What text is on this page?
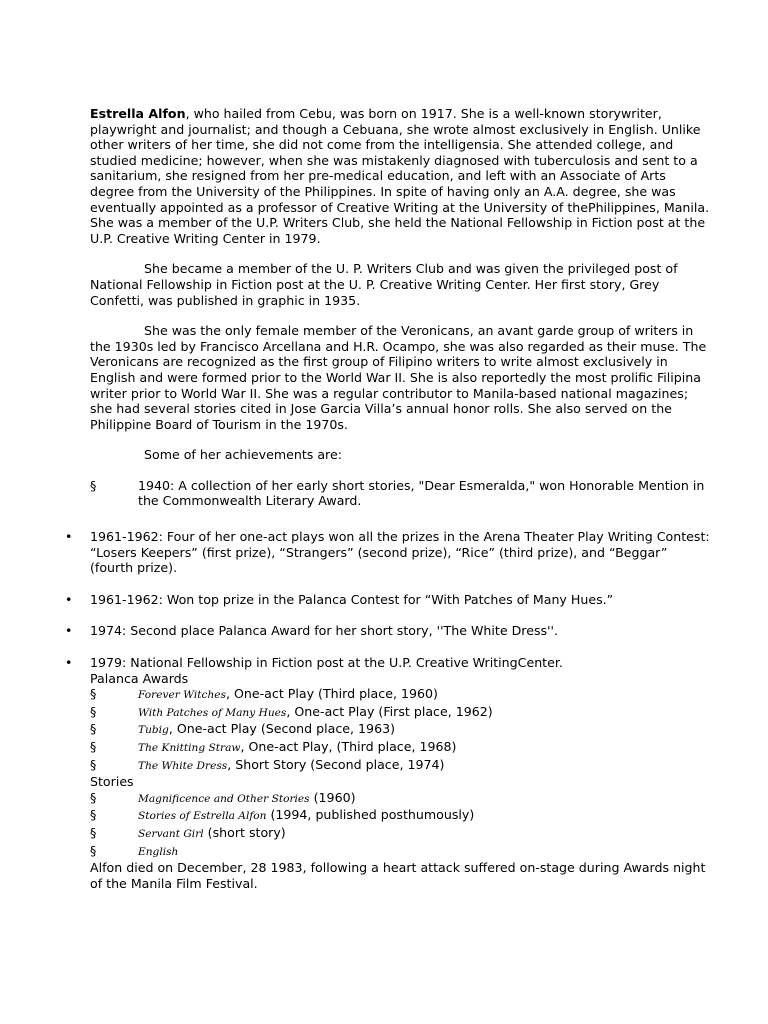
Estrella Alfon, who hailed from Cebu, was born on 1917. She is a well-known storywriter, playwright and journalist; and though a Cebuana, she wrote almost exclusively in English. Unlike other writers of her time, she did not come from the intelligensia. She attended college, and studied medicine; however, when she was mistakenly diagnosed with tuberculosis and sent to a sanitarium, she resigned from her pre-medical education, and left with an Associate of Arts degree from the University of the Philippines. In spite of having only an A.A. degree, she was eventually appointed as a professor of Creative Writing at the University of thePhilippines, Manila. She was a member of the U.P. Writers Club, she held the National Fellowship in Fiction post at the U.P. Creative Writing Center in 1979.

She became a member of the U. P. Writers Club and was given the privileged post of National Fellowship in Fiction post at the U. P. Creative Writing Center. Her first story, Grey Confetti, was published in graphic in 1935.

She was the only female member of the Veronicans, an avant garde group of writers in the 1930s led by Francisco Arcellana and H.R. Ocampo, she was also regarded as their muse. The Veronicans are recognized as the first group of Filipino writers to write almost exclusively in English and were formed prior to the World War II. She is also reportedly the most prolific Filipina writer prior to World War II. She was a regular contributor to Manila-based national magazines; she had several stories cited in Jose Garcia Villa’s annual honor rolls. She also served on the Philippine Board of Tourism in the 1970s.

Some of her achievements are:

§	1940: A collection of her early short stories, "Dear Esmeralda," won Honorable Mention in the Commonwealth Literary Award.
• 1961-1962: Four of her one-act plays won all the prizes in the Arena Theater Play Writing Contest: “Losers Keepers” (first prize), “Strangers” (second prize), “Rice” (third prize), and “Beggar” (fourth prize).
• 1961-1962: Won top prize in the Palanca Contest for “With Patches of Many Hues.”
• 1974: Second place Palanca Award for her short story, ''The White Dress''.
• 1979: National Fellowship in Fiction post at the U.P. Creative WritingCenter.
Palanca Awards
§	Forever Witches, One-act Play (Third place, 1960)
§	With Patches of Many Hues, One-act Play (First place, 1962)
§	Tubig, One-act Play (Second place, 1963)
§	The Knitting Straw, One-act Play, (Third place, 1968)
§	The White Dress, Short Story (Second place, 1974)
Stories
§	Magnificence and Other Stories (1960)
§	Stories of Estrella Alfon (1994, published posthumously)
§	Servant Girl (short story)
§	English
Alfon died on December, 28 1983, following a heart attack suffered on-stage during Awards night of the Manila Film Festival.
